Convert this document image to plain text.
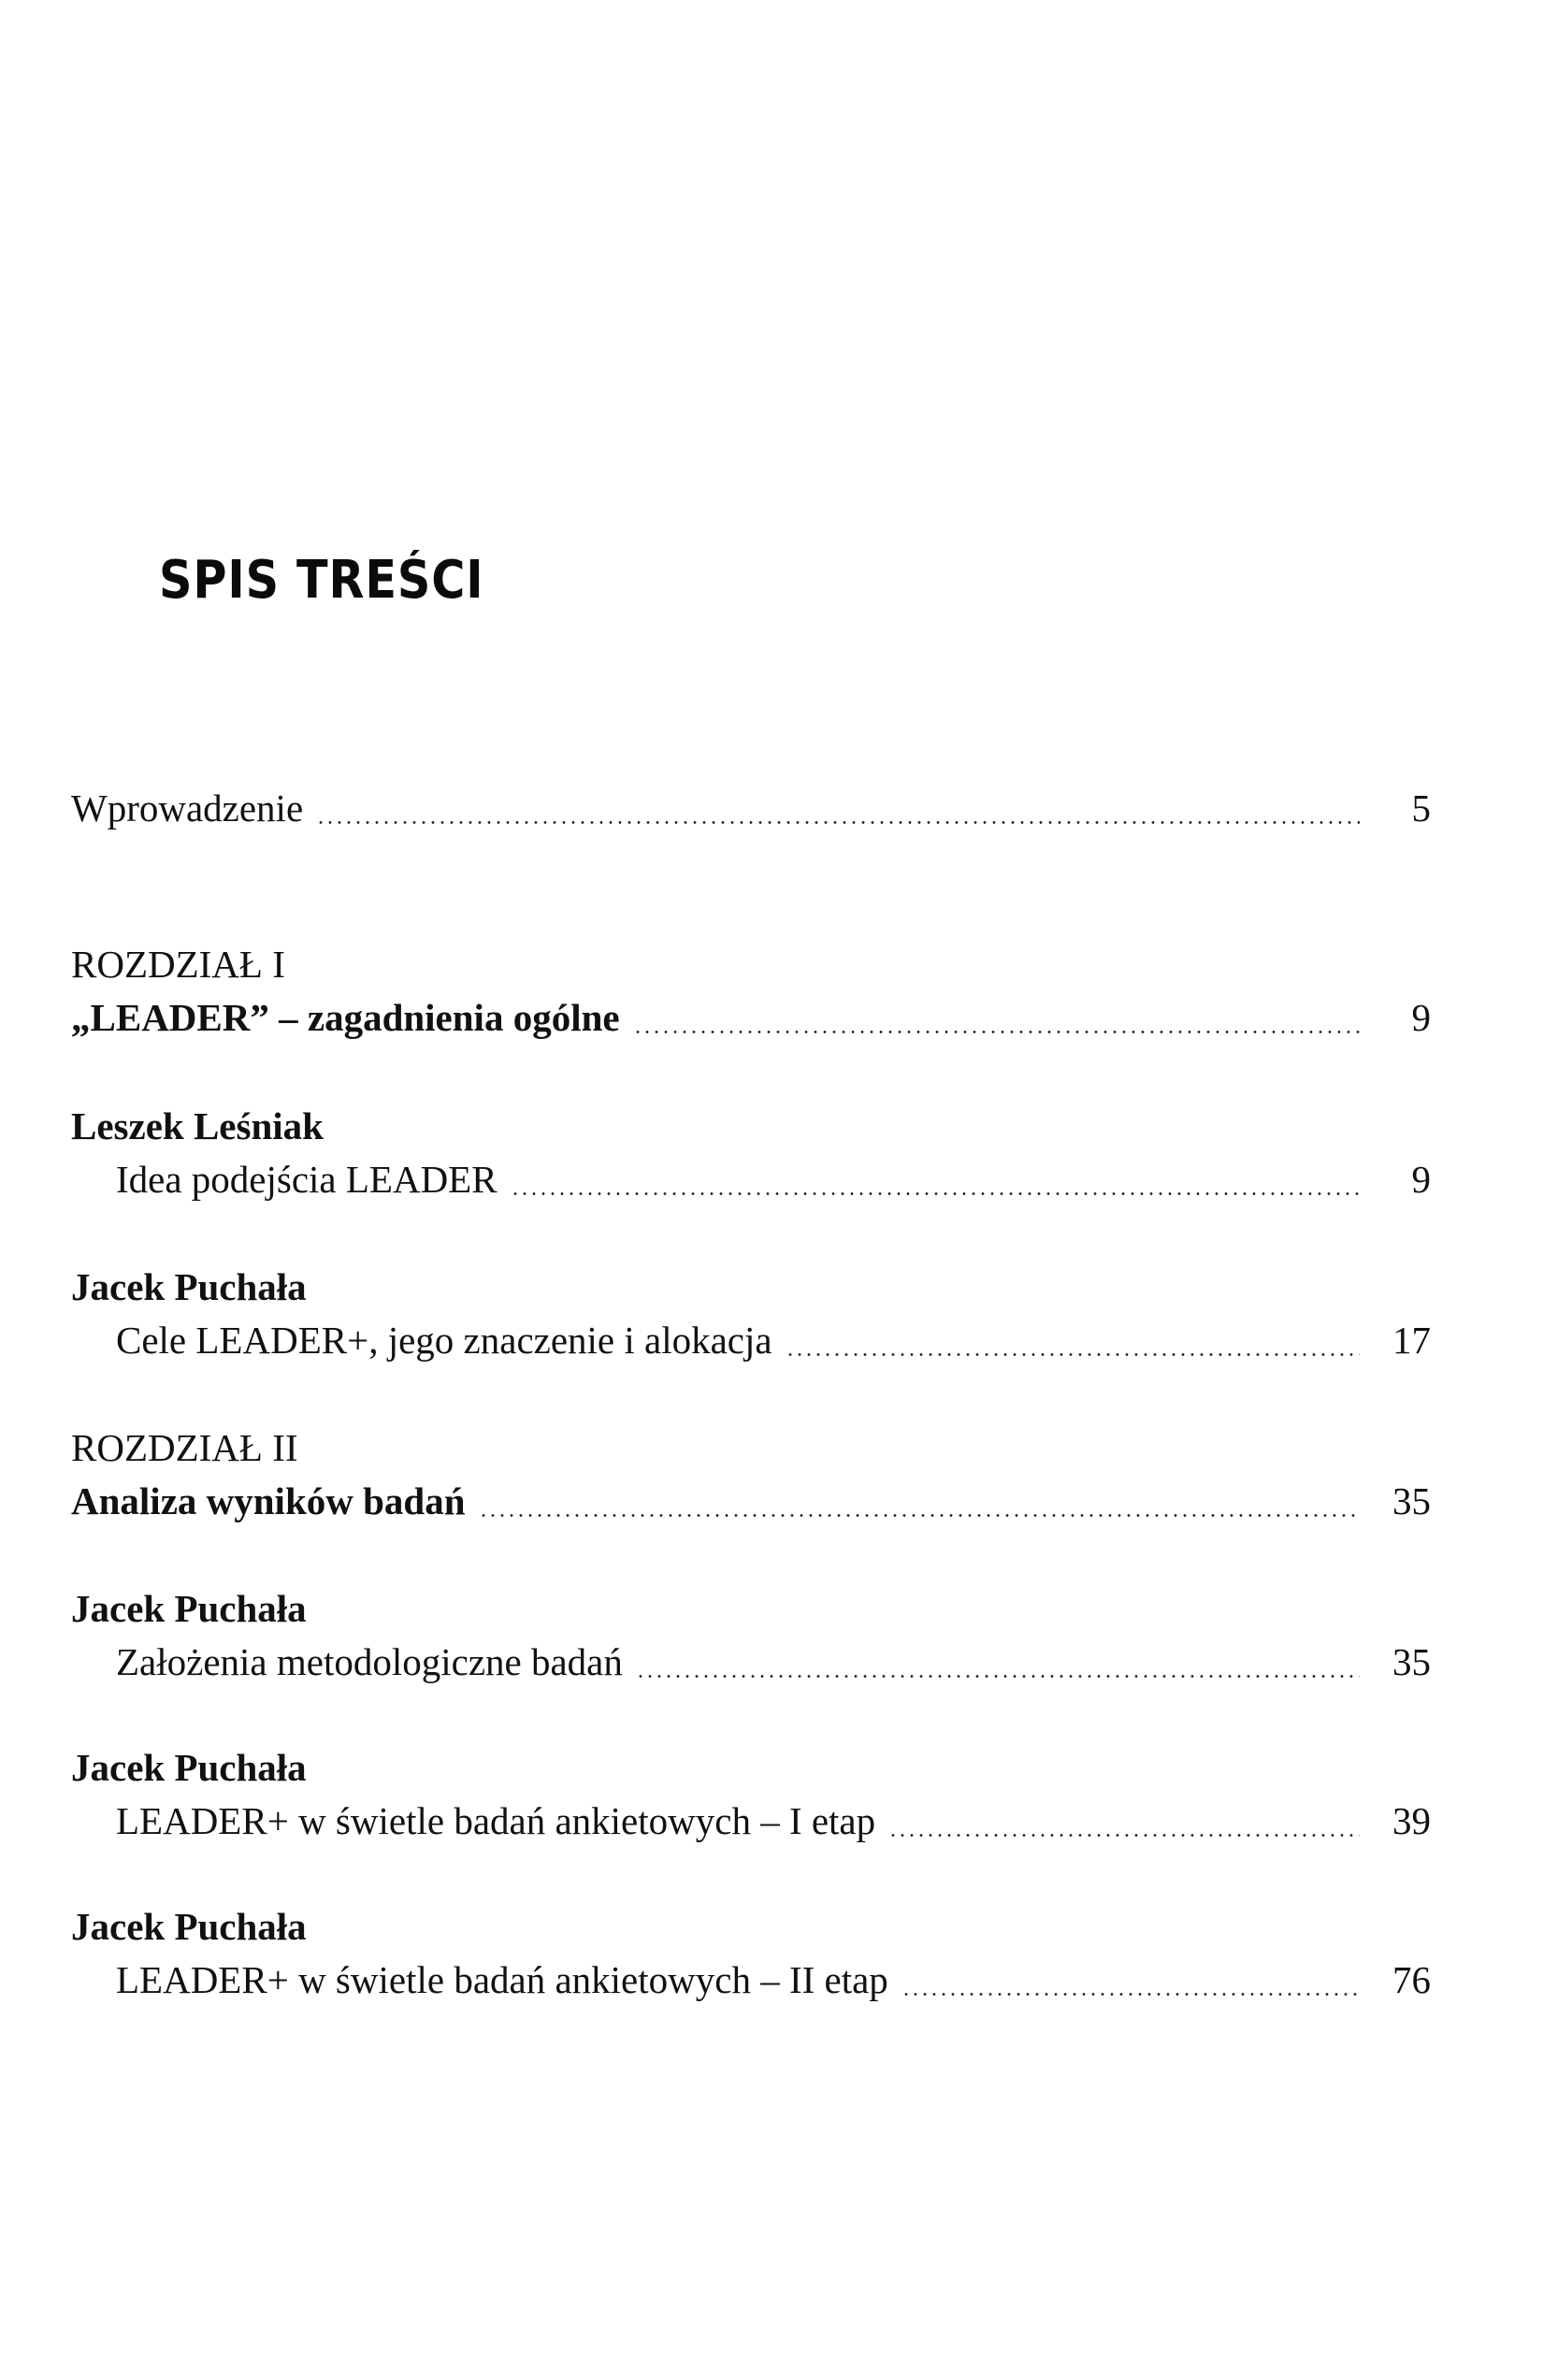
SPIS TREŚCI
Wprowadzenie	5
ROZDZIAŁ I
„LEADER” – zagadnienia ogólne	9
Leszek Leśniak
Idea podejścia LEADER	9
Jacek Puchała
Cele LEADER+, jego znaczenie i alokacja	17
ROZDZIAŁ II
Analiza wyników badań	35
Jacek Puchała
Założenia metodologiczne badań	35
Jacek Puchała
LEADER+ w świetle badań ankietowych – I etap	39
Jacek Puchała
LEADER+ w świetle badań ankietowych – II etap	76
